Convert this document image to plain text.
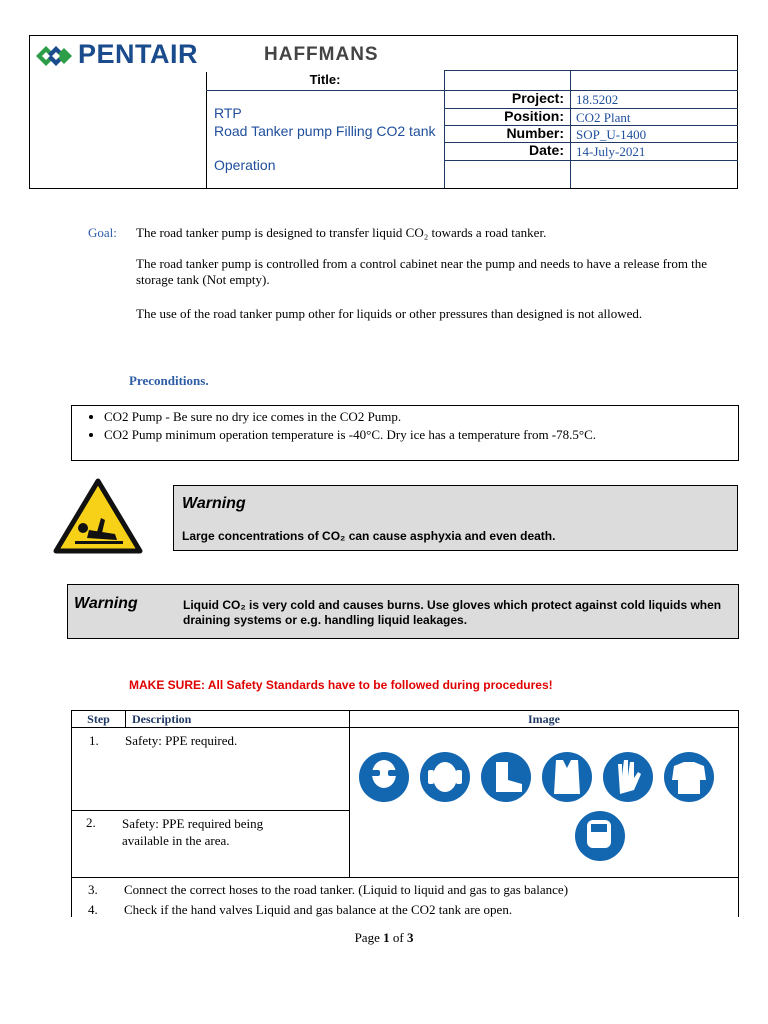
PENTAIR	HAFFMANS
Title:
RTP
Road Tanker pump Filling CO2 tank
Operation
Project: 18.5202
Position: CO2 Plant
Number: SOP_U-1400
Date: 14-July-2021
Goal: The road tanker pump is designed to transfer liquid CO₂ towards a road tanker.
The road tanker pump is controlled from a control cabinet near the pump and needs to have a release from the storage tank (Not empty).
The use of the road tanker pump other for liquids or other pressures than designed is not allowed.
Preconditions.
• CO2 Pump - Be sure no dry ice comes in the CO2 Pump.
• CO2 Pump minimum operation temperature is -40°C. Dry ice has a temperature from -78.5°C.
Warning
Large concentrations of CO₂ can cause asphyxia and even death.
Warning	Liquid CO₂ is very cold and causes burns. Use gloves which protect against cold liquids when draining systems or e.g. handling liquid leakages.
MAKE SURE: All Safety Standards have to be followed during procedures!
Step	Description	Image
1. Safety: PPE required.
2. Safety: PPE required being available in the area.
3. Connect the correct hoses to the road tanker. (Liquid to liquid and gas to gas balance)
4. Check if the hand valves Liquid and gas balance at the CO2 tank are open.
Page 1 of 3
